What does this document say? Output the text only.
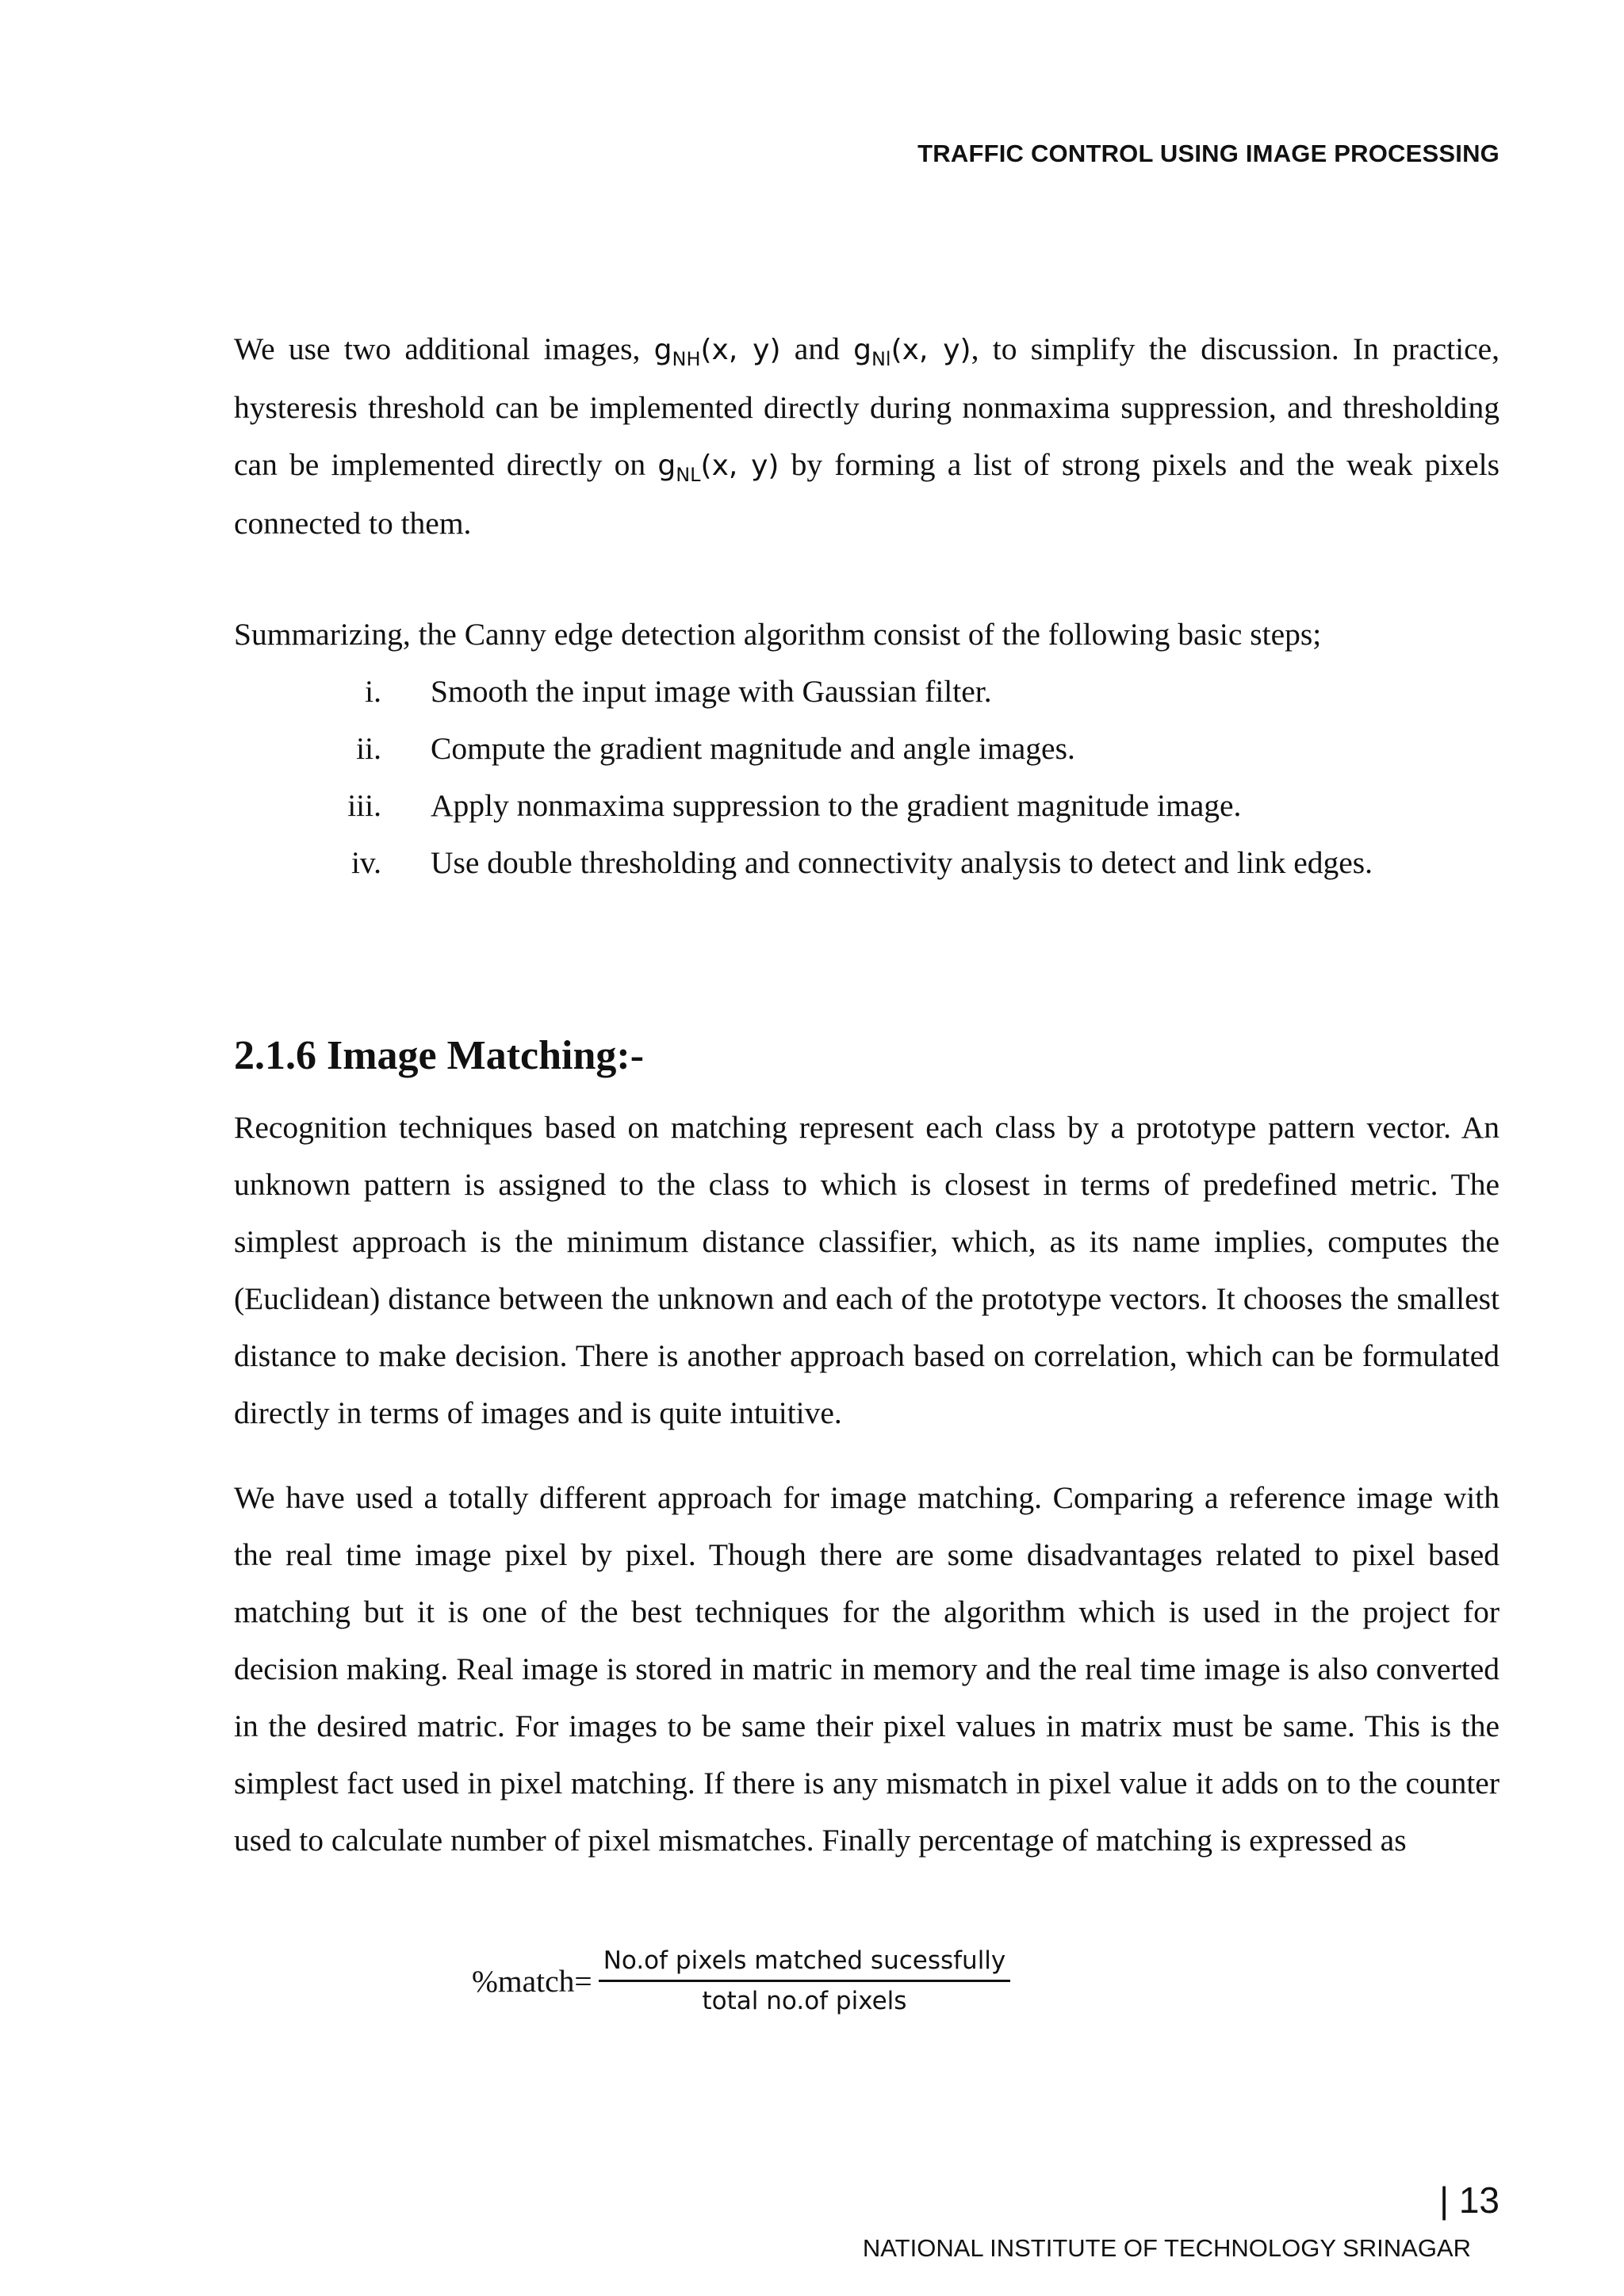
TRAFFIC CONTROL USING IMAGE PROCESSING

We use two additional images, $g_{NH}(x$, y) and $g_{Nl}(x$, y), to simplify the discussion. In practice, hysteresis threshold can be implemented directly during nonmaxima suppression, and thresholding can be implemented directly on $g_{NL}(x$, y) by forming a list of strong pixels and the weak pixels connected to them.

Summarizing, the Canny edge detection algorithm consist of the following basic steps;

i. Smooth the input image with Gaussian filter.
ii. Compute the gradient magnitude and angle images.
iii. Apply nonmaxima suppression to the gradient magnitude image.
iv. Use double thresholding and connectivity analysis to detect and link edges.
2.1.6 Image Matching:-

Recognition techniques based on matching represent each class by a prototype pattern vector. An unknown pattern is assigned to the class to which is closest in terms of predefined metric. The simplest approach is the minimum distance classifier, which, as its name implies, computes the (Euclidean) distance between the unknown and each of the prototype vectors. It chooses the smallest distance to make decision. There is another approach based on correlation, which can be formulated directly in terms of images and is quite intuitive.

We have used a totally different approach for image matching. Comparing a reference image with the real time image pixel by pixel. Though there are some disadvantages related to pixel based matching but it is one of the best techniques for the algorithm which is used in the project for decision making. Real image is stored in matric in memory and the real time image is also converted in the desired matric. For images to be same their pixel values in matrix must be same. This is the simplest fact used in pixel matching. If there is any mismatch in pixel value it adds on to the counter used to calculate number of pixel mismatches. Finally percentage of matching is expressed as

%match= $\frac{\text{No.of pixels matched sucessfully}}{\text{total no.of pixels}}$
| 13
NATIONAL INSTITUTE OF TECHNOLOGY SRINAGAR
